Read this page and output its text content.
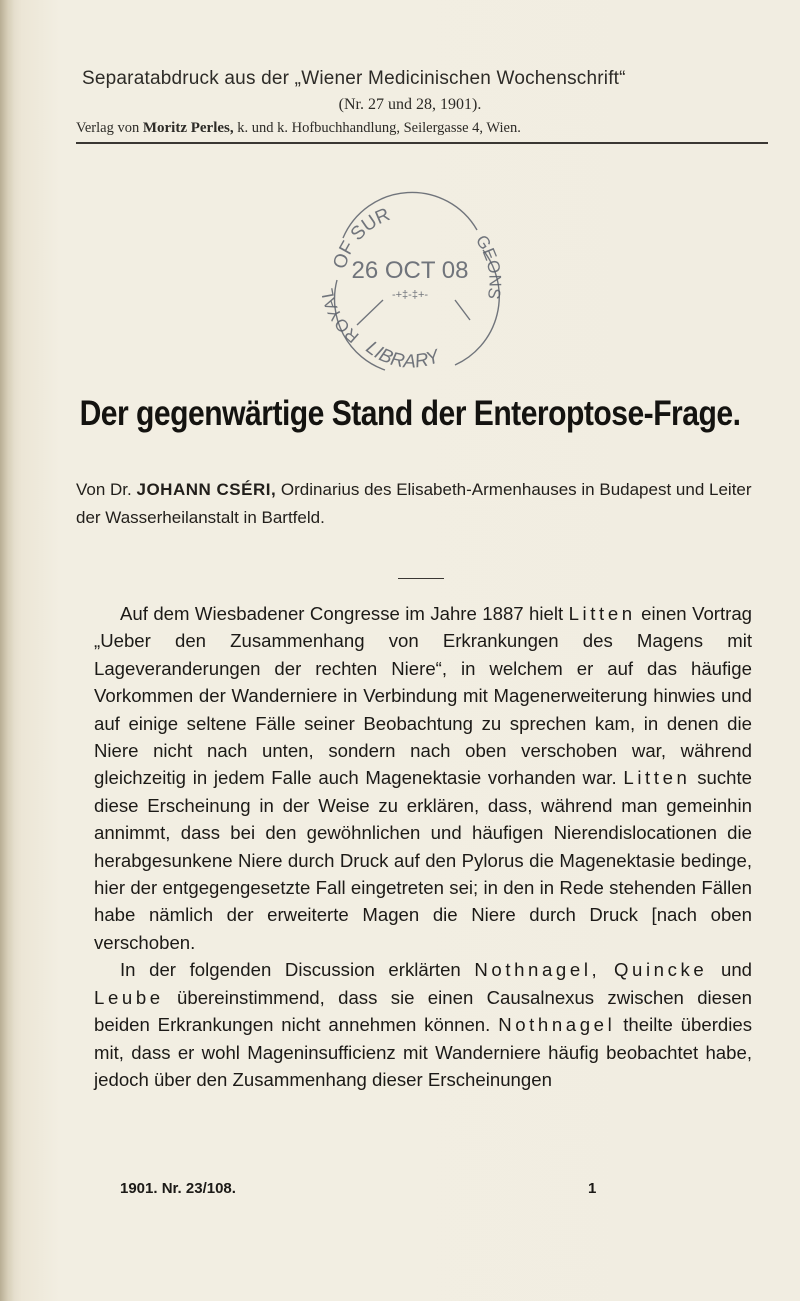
Separatabdruck aus der „Wiener Medicinischen Wochenschrift“
(Nr. 27 und 28, 1901).
Verlag von Moritz Perles, k. und k. Hofbuchhandlung, Seilergasse 4, Wien.
OF SUR
ROYAL
GEONS
26 OCT 08
-+‡-‡+-
LIBRARY
Der gegenwärtige Stand der Enteroptose-Frage.
Von Dr. JOHANN CSÉRI, Ordinarius des Elisabeth-Armenhauses in Budapest und Leiter der Wasserheilanstalt in Bartfeld.

Auf dem Wiesbadener Congresse im Jahre 1887 hielt Litten einen Vortrag „Ueber den Zusammenhang von Erkrankungen des Magens mit Lageveranderungen der rechten Niere“, in welchem er auf das häufige Vorkommen der Wanderniere in Verbindung mit Magenerweiterung hinwies und auf einige seltene Fälle seiner Beobachtung zu sprechen kam, in denen die Niere nicht nach unten, sondern nach oben verschoben war, während gleichzeitig in jedem Falle auch Magenektasie vorhanden war. Litten suchte diese Erscheinung in der Weise zu erklären, dass, während man gemeinhin annimmt, dass bei den gewöhnlichen und häufigen Nierendislocationen die herabgesunkene Niere durch Druck auf den Pylorus die Magenektasie bedinge, hier der entgegengesetzte Fall eingetreten sei; in den in Rede stehenden Fällen habe nämlich der erweiterte Magen die Niere durch Druck [nach oben verschoben.

In der folgenden Discussion erklärten Nothnagel, Quincke und Leube übereinstimmend, dass sie einen Causalnexus zwischen diesen beiden Erkrankungen nicht annehmen können. Nothnagel theilte überdies mit, dass er wohl Mageninsufficienz mit Wanderniere häufig beobachtet habe, jedoch über den Zusammenhang dieser Erscheinungen

1901. Nr. 23/108.	1
